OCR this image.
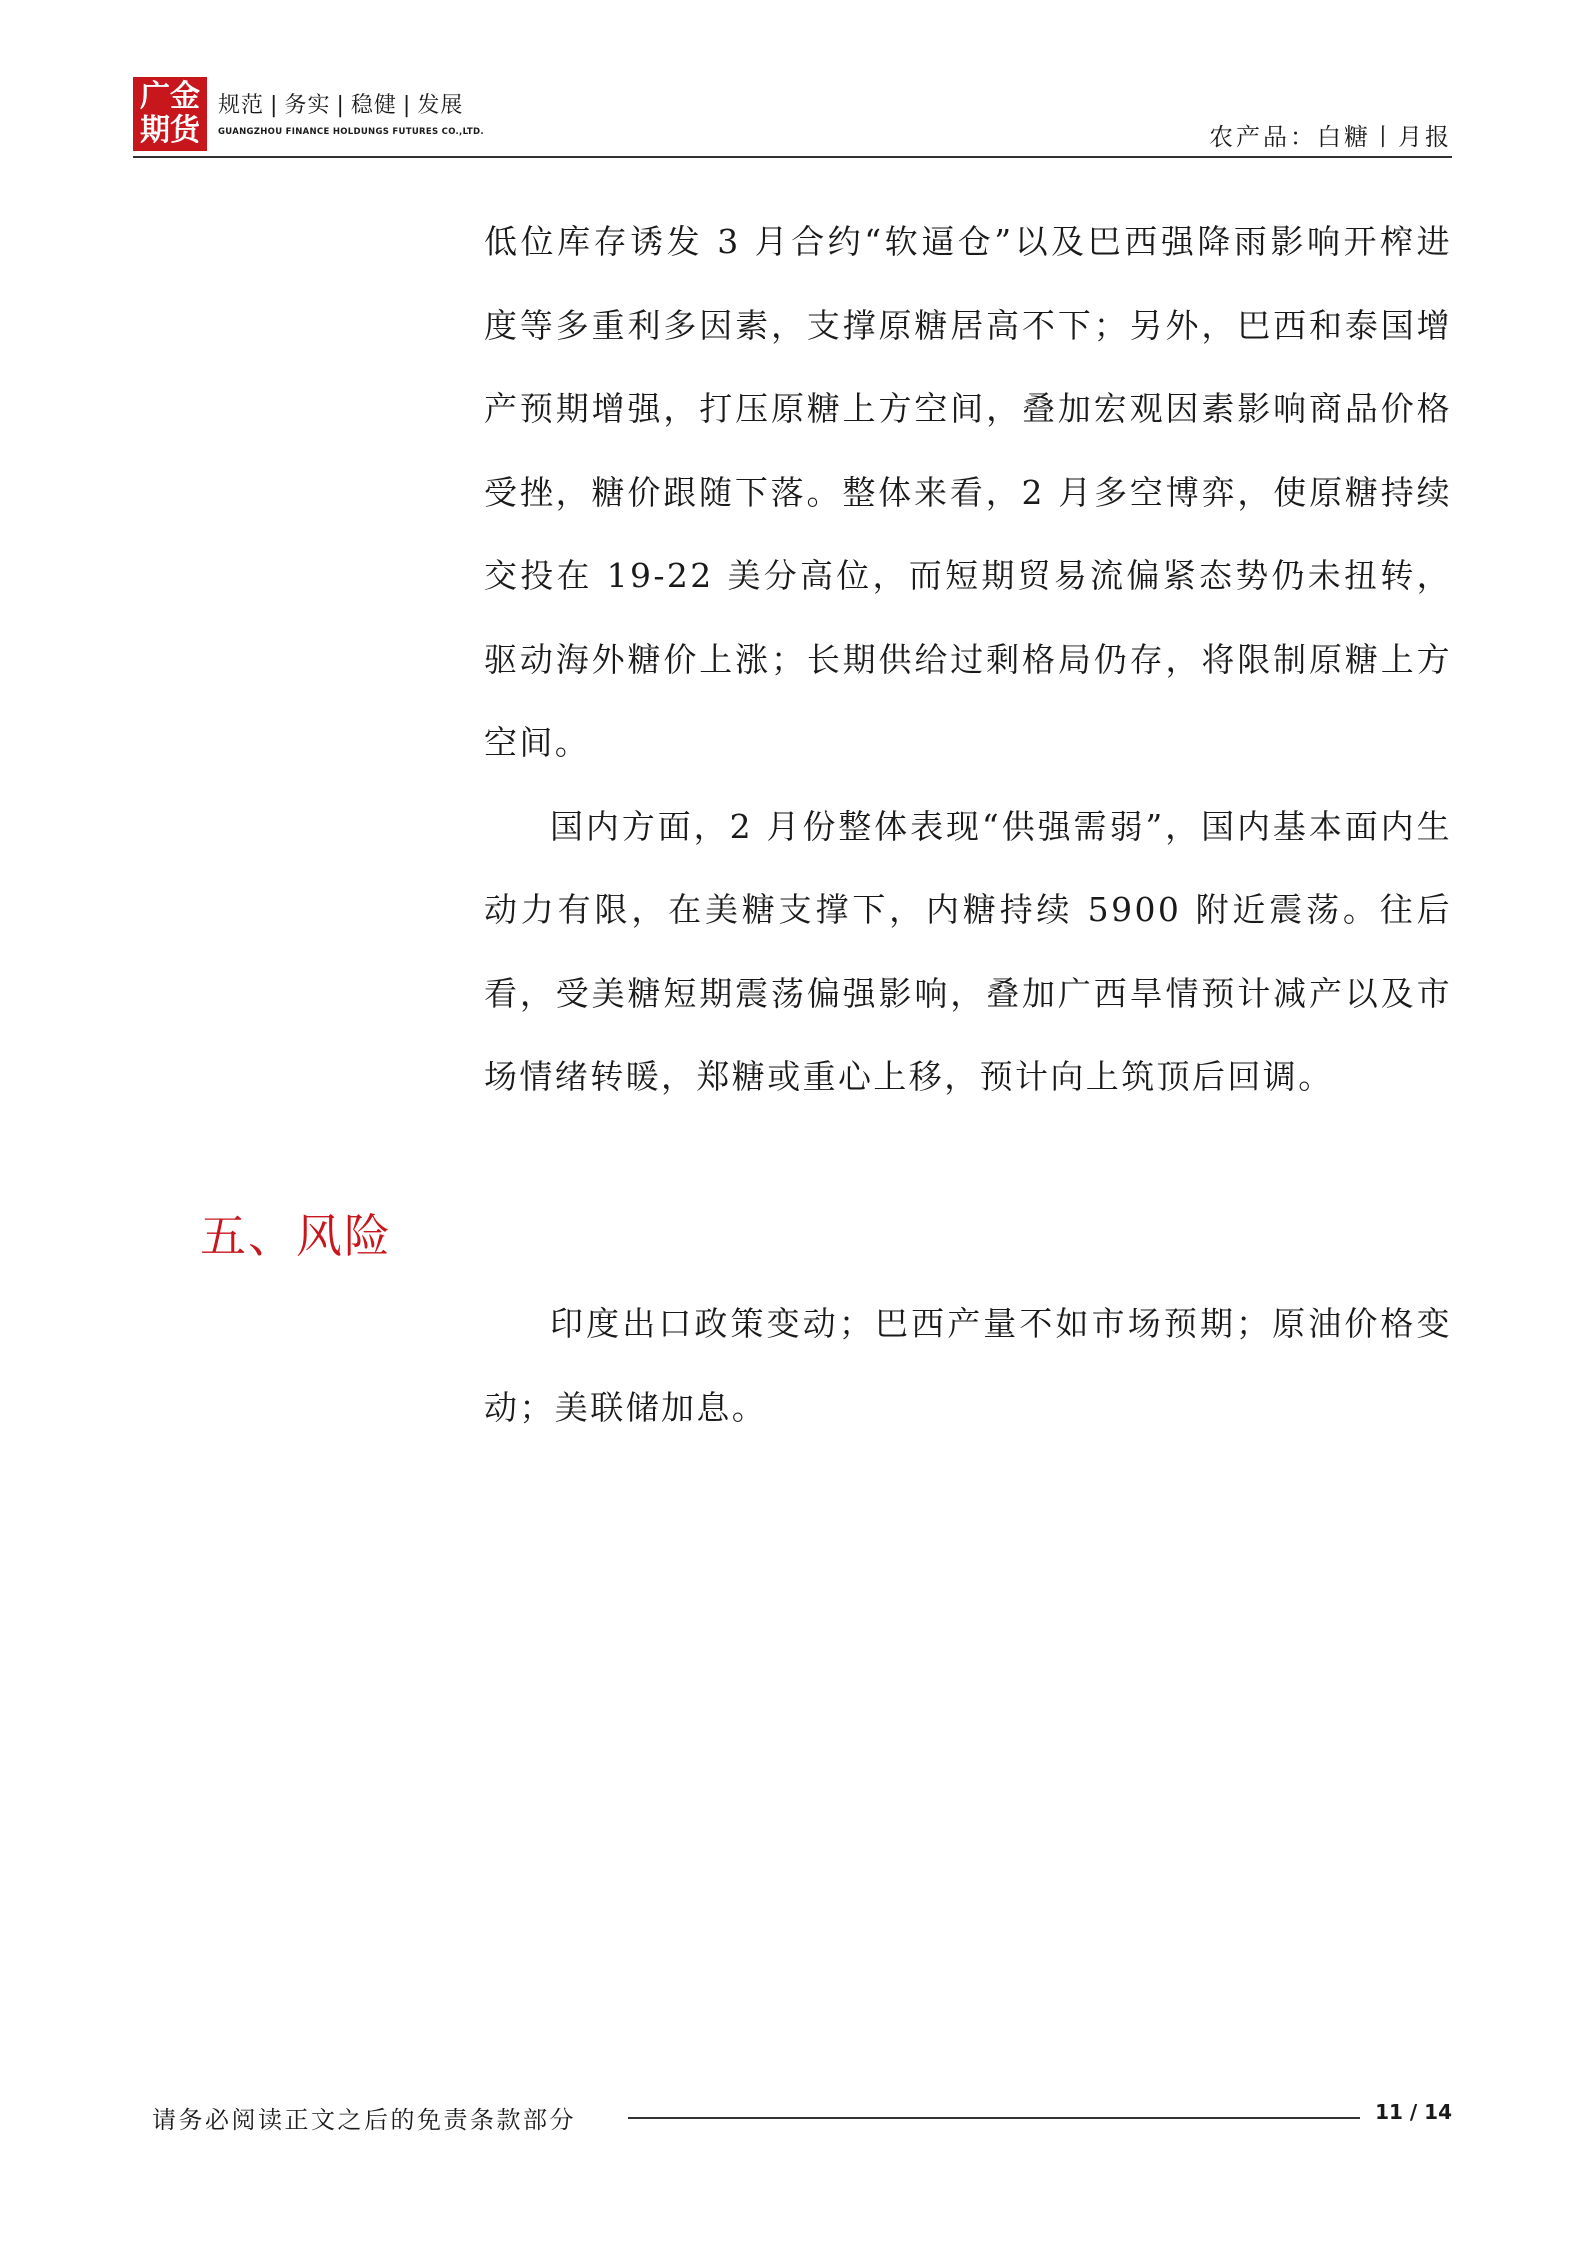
广金
期货
规范 | 务实 | 稳健 | 发展
GUANGZHOU FINANCE HOLDUNGS FUTURES CO.,LTD.	农产品：白糖丨月报

低位库存诱发 3 月合约“软逼仓”以及巴西强降雨影响开榨进度等多重利多因素，支撑原糖居高不下；另外，巴西和泰国增产预期增强，打压原糖上方空间，叠加宏观因素影响商品价格受挫，糖价跟随下落。整体来看，2 月多空博弈，使原糖持续交投在 19-22 美分高位，而短期贸易流偏紧态势仍未扭转，驱动海外糖价上涨；长期供给过剩格局仍存，将限制原糖上方空间。

国内方面，2 月份整体表现“供强需弱”，国内基本面内生动力有限，在美糖支撑下，内糖持续 5900 附近震荡。往后看，受美糖短期震荡偏强影响，叠加广西旱情预计减产以及市场情绪转暖，郑糖或重心上移，预计向上筑顶后回调。

五、风险

印度出口政策变动；巴西产量不如市场预期；原油价格变动；美联储加息。

请务必阅读正文之后的免责条款部分	11 / 14
